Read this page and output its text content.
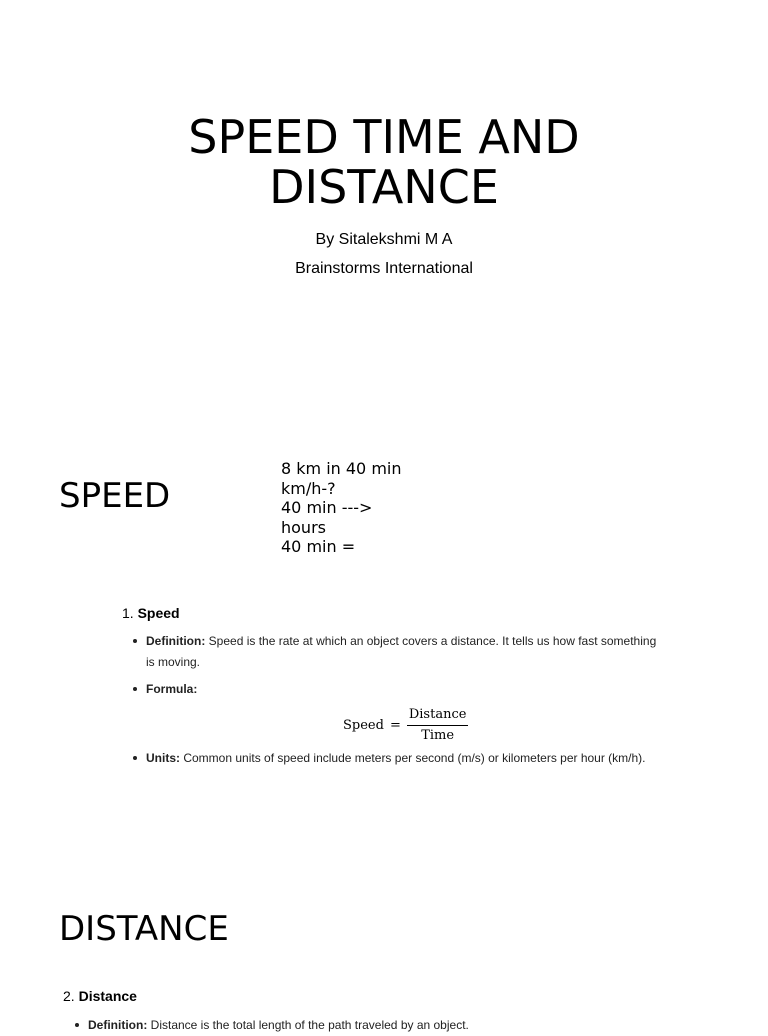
SPEED TIME AND
DISTANCE
By Sitalekshmi M A
Brainstorms International
SPEED
8 km in 40 min
km/h-?
40 min --->
hours
40 min =
1. Speed
Definition: Speed is the rate at which an object covers a distance. It tells us how fast something is moving.
Formula:
Speed = $\frac{\text{Distance}}{\text{Time}}$
Units: Common units of speed include meters per second (m/s) or kilometers per hour (km/h).
DISTANCE
2. Distance
Definition: Distance is the total length of the path traveled by an object.
